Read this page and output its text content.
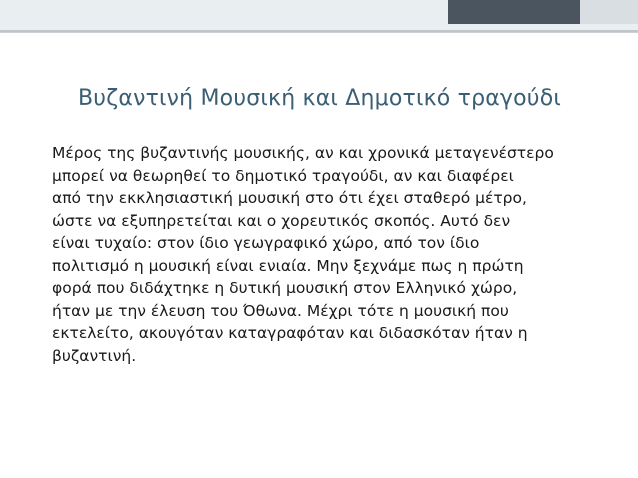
Βυζαντινή Μουσική και Δημοτικό τραγούδι
Μέρος της βυζαντινής μουσικής, αν και χρονικά μεταγενέστερο
μπορεί να θεωρηθεί το δημοτικό τραγούδι, αν και διαφέρει
από την εκκλησιαστική μουσική στο ότι έχει σταθερό μέτρο,
ώστε να εξυπηρετείται και ο χορευτικός σκοπός. Αυτό δεν
είναι τυχαίο: στον ίδιο γεωγραφικό χώρο, από τον ίδιο
πολιτισμό η μουσική είναι ενιαία. Μην ξεχνάμε πως η πρώτη
φορά που διδάχτηκε η δυτική μουσική στον Ελληνικό χώρο,
ήταν με την έλευση του Όθωνα. Μέχρι τότε η μουσική που
εκτελείτο, ακουγόταν καταγραφόταν και διδασκόταν ήταν η
βυζαντινή.
